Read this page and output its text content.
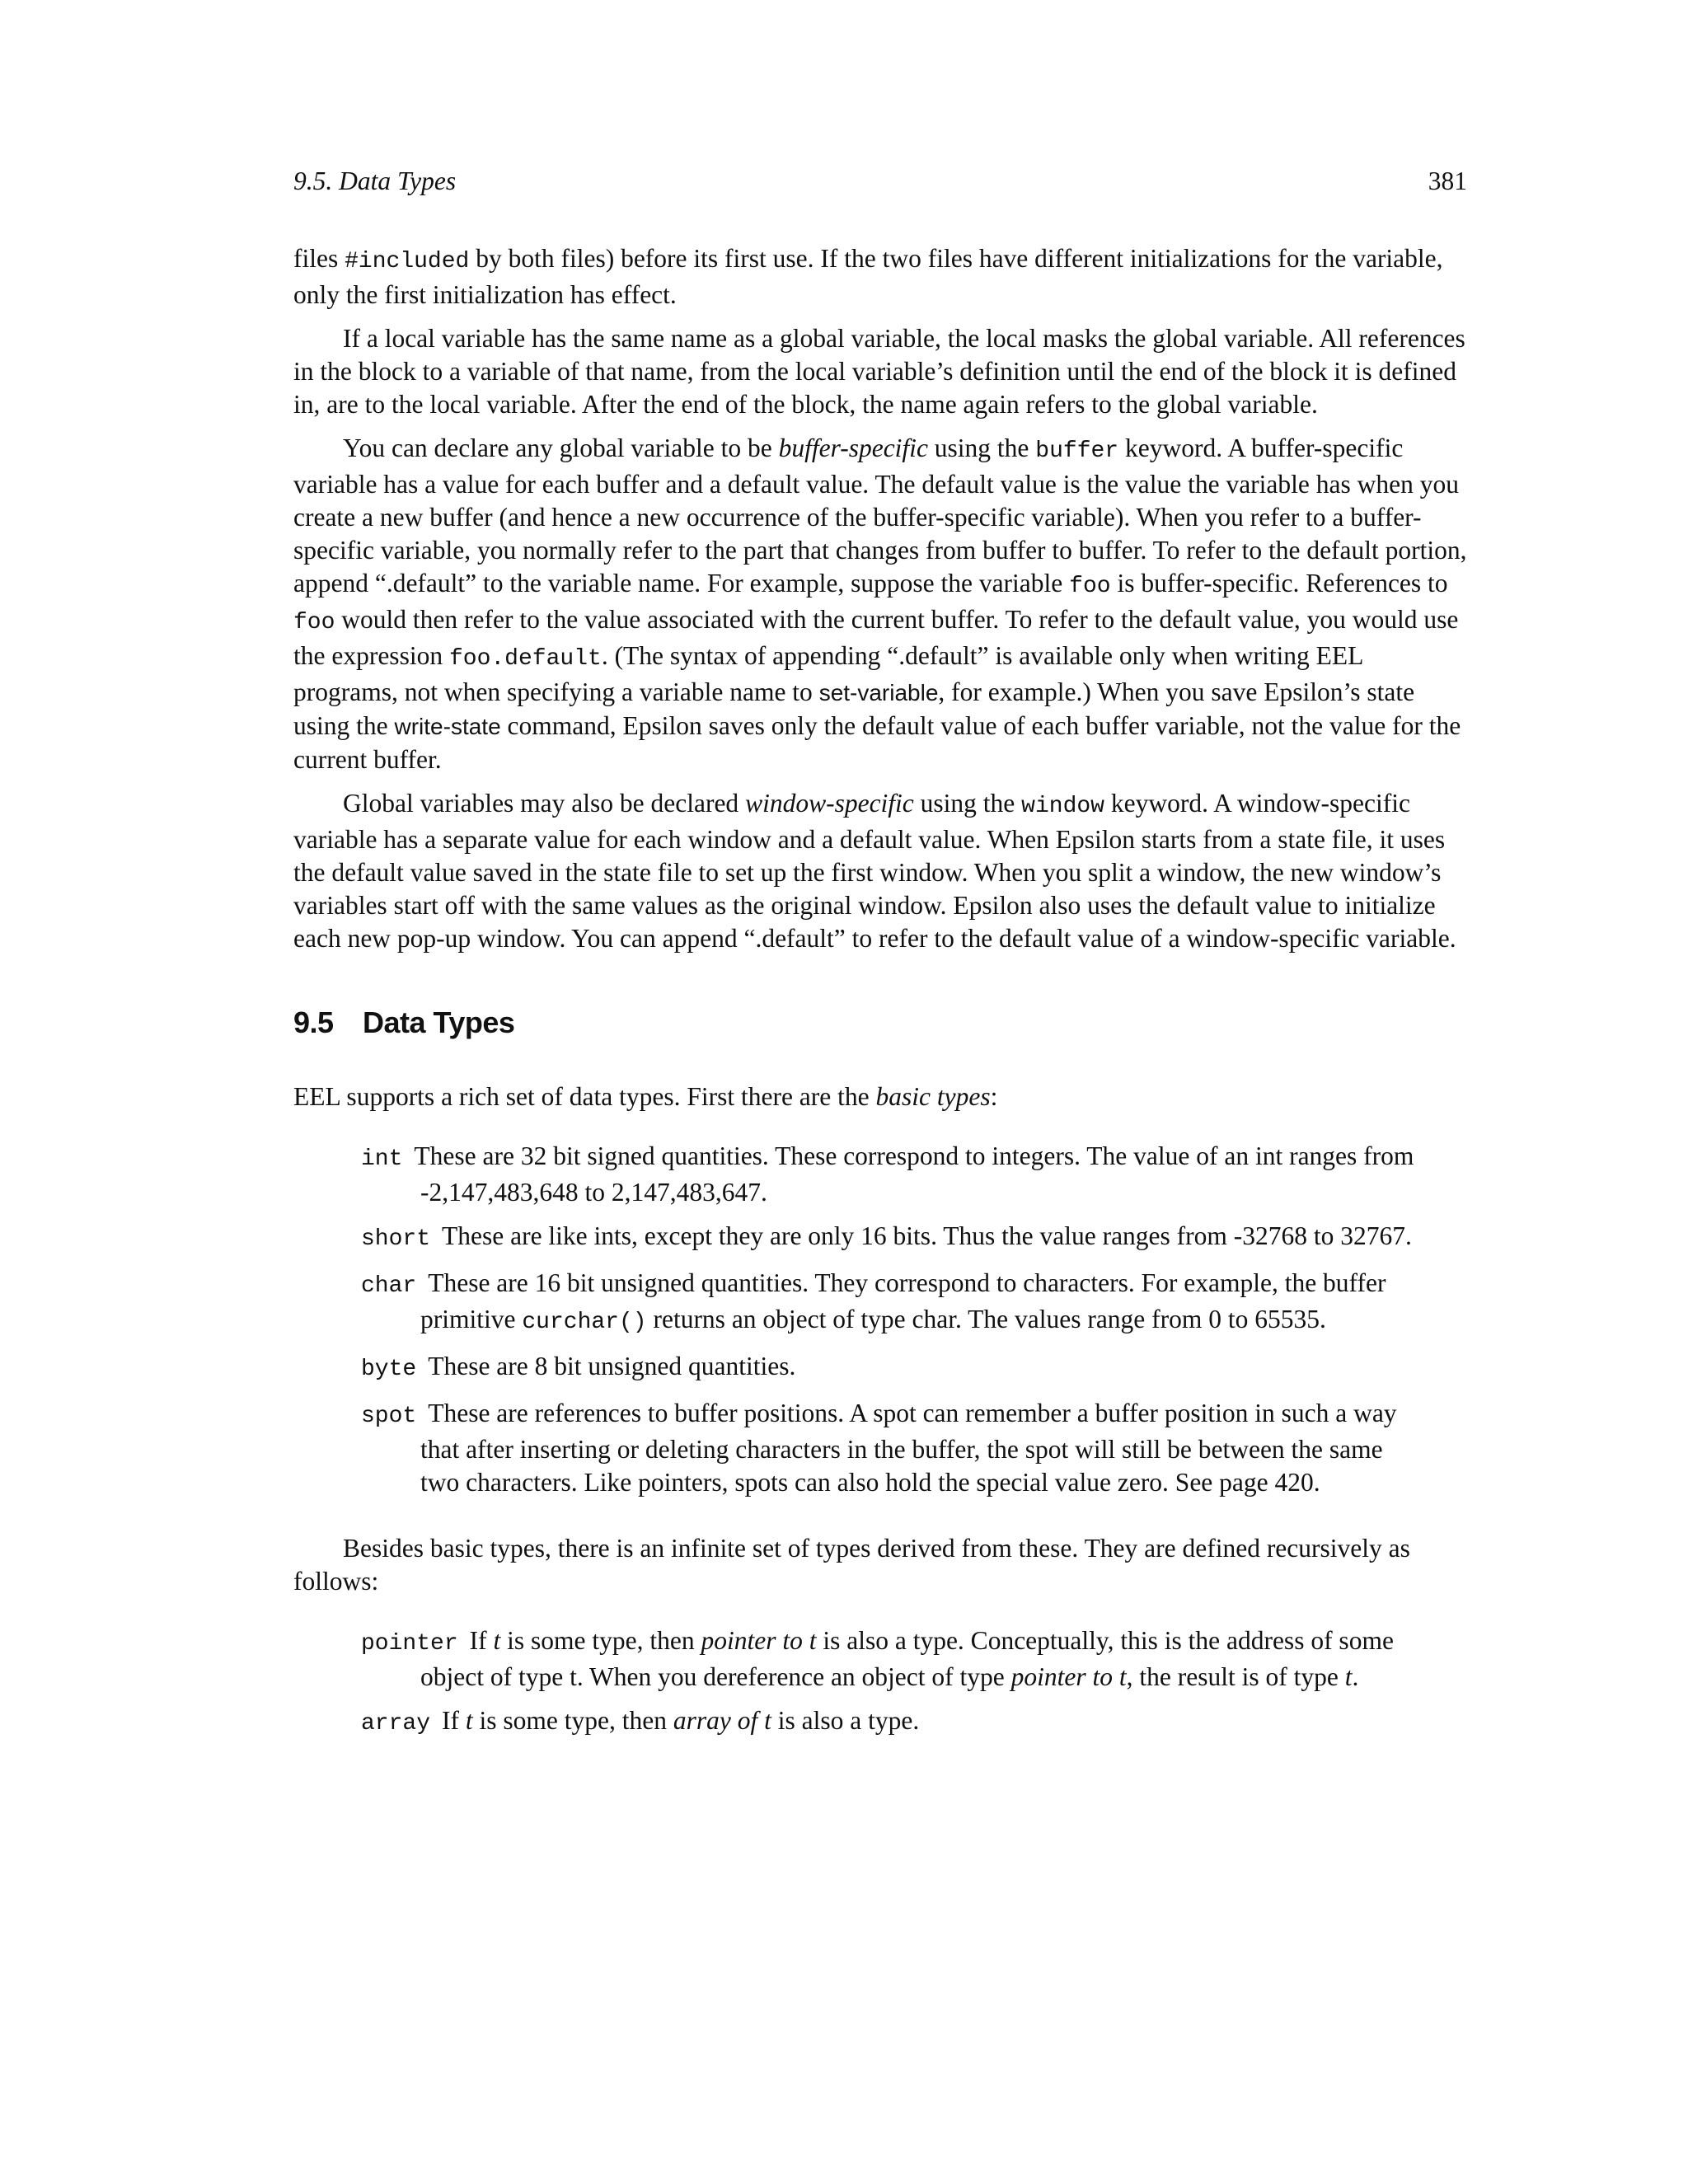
9.5. Data Types	381

files #included by both files) before its first use. If the two files have different initializations for the variable, only the first initialization has effect.

If a local variable has the same name as a global variable, the local masks the global variable. All references in the block to a variable of that name, from the local variable’s definition until the end of the block it is defined in, are to the local variable. After the end of the block, the name again refers to the global variable.

You can declare any global variable to be buffer-specific using the buffer keyword. A buffer-specific variable has a value for each buffer and a default value. The default value is the value the variable has when you create a new buffer (and hence a new occurrence of the buffer-specific variable). When you refer to a buffer-specific variable, you normally refer to the part that changes from buffer to buffer. To refer to the default portion, append “.default” to the variable name. For example, suppose the variable foo is buffer-specific. References to foo would then refer to the value associated with the current buffer. To refer to the default value, you would use the expression foo.default. (The syntax of appending “.default” is available only when writing EEL programs, not when specifying a variable name to set-variable, for example.) When you save Epsilon’s state using the write-state command, Epsilon saves only the default value of each buffer variable, not the value for the current buffer.

Global variables may also be declared window-specific using the window keyword. A window-specific variable has a separate value for each window and a default value. When Epsilon starts from a state file, it uses the default value saved in the state file to set up the first window. When you split a window, the new window’s variables start off with the same values as the original window. Epsilon also uses the default value to initialize each new pop-up window. You can append “.default” to refer to the default value of a window-specific variable.

9.5 Data Types

EEL supports a rich set of data types. First there are the basic types:

int These are 32 bit signed quantities. These correspond to integers. The value of an int ranges from -2,147,483,648 to 2,147,483,647.
short These are like ints, except they are only 16 bits. Thus the value ranges from -32768 to 32767.
char These are 16 bit unsigned quantities. They correspond to characters. For example, the buffer primitive curchar() returns an object of type char. The values range from 0 to 65535.
byte These are 8 bit unsigned quantities.
spot These are references to buffer positions. A spot can remember a buffer position in such a way that after inserting or deleting characters in the buffer, the spot will still be between the same two characters. Like pointers, spots can also hold the special value zero. See page 420.

Besides basic types, there is an infinite set of types derived from these. They are defined recursively as follows:

pointer If t is some type, then pointer to t is also a type. Conceptually, this is the address of some object of type t. When you dereference an object of type pointer to t, the result is of type t.
array If t is some type, then array of t is also a type.
